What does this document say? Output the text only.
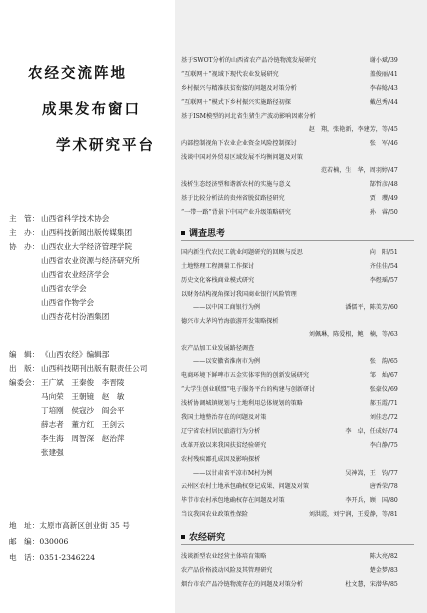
农经交流阵地
成果发布窗口
学术研究平台
主　管： 山西省科学技术协会
主　办： 山西科技新闻出版传媒集团
协　办： 山西农业大学经济管理学院
山西省农业资源与经济研究所
山西省农业经济学会
山西省农学会
山西省作物学会
山西杏花村汾酒集团
编　辑： 《山西农经》编辑部
出　版： 山西科技期刊出版有限责任公司
编委会： 王广斌　王秦俊　李晋陵
马向荣　王朝镜　赵　敏
丁培刚　侯寇沙　阎会平
薛志者　董方红　王剑云
李生海　周智深　赵治萍
张建强
地　址：太原市高新区创业街 35 号
邮　编：030006
电　话：0351-2346224
基于SWOT分析的山西省农产品冷链物流发展研究	谢小斌 /39
“互联网＋”视域下现代农业发展研究	盖俊丽 /41
乡村振兴与精准扶贫衔接的问题及对策分析	李春鲶 /43
“互联网＋”模式下乡村振兴实施路径初探	戴邑秀 /44
基于ISM模型的河北省生猪生产波动影响因素分析
赵　翔，张艳新，李建芳，等 /45
内部控制视角下农业企业资金风险控制探讨	张　军 /46
浅谈中国对外贸易区域发展不均衡问题及对策
范若楠，生　华，周羽婷 /47
浅析生态经济型和谐新农村的实施与意义	郜哲彦 /48
基于比较分析法的贵州省脱贫路径研究	贾　瓔 /49
“一带一路”背景下中国产业升级策略研究	孙　睿 /50
调查思考
国内新生代农民工就业问题研究的回顾与反思	向　阳 /51
土地整理工程测量工作探讨	齐佳佳 /54
历史文化客栈商业模式研究	李煜瑶 /57
以财务结构视角探讨我国商业银行风险管理
——以中国工商银行为例	潘儒平，陈美芳 /60
德兴市大茅坞竹海旅游开发策略探析
刘佩琳，陈爱根，鲍　楠，等 /63
农产品加工业发展路径调查
——以安徽省淮南市为例	张　韵 /65
电商环境下鲜啤市五金实体零售的创新发展研究	邹　灿 /67
“大学生创业联盟”电子服务平台的构建与创新研讨	张豪仪 /69
浅析协调城镇规划与土地利用总体规划的策略	郝玉霞 /71
我国土地整治存在的问题及对策	刘佳忠 /72
辽宁省农村居民旅游行为分析	李　卓，任成好 /74
改革开放以来我国扶贫经验研究	李白静 /75
农村残疾鄙孔成因及影响探析
——以甘肃省平凉市M村为例	吴神嵩，王　钧 /77
云州区农村土地承包确权登记成果、问题及对策	唐香荣 /78
毕节市农村承包地确权存在问题及对策	李开兵，顾　国 /80
当议我国农业政策性保险	刘洪霞，刘宁润，王爱静，等 /81
农经研究
浅谈新型农业经营主体培育策略	陈大亮 /82
农产品价格波动风险及其管理研究	楚金梦 /83
烟台市农产品冷链物流存在的问题及对策分析	杜文慧，宋潜华 /85
